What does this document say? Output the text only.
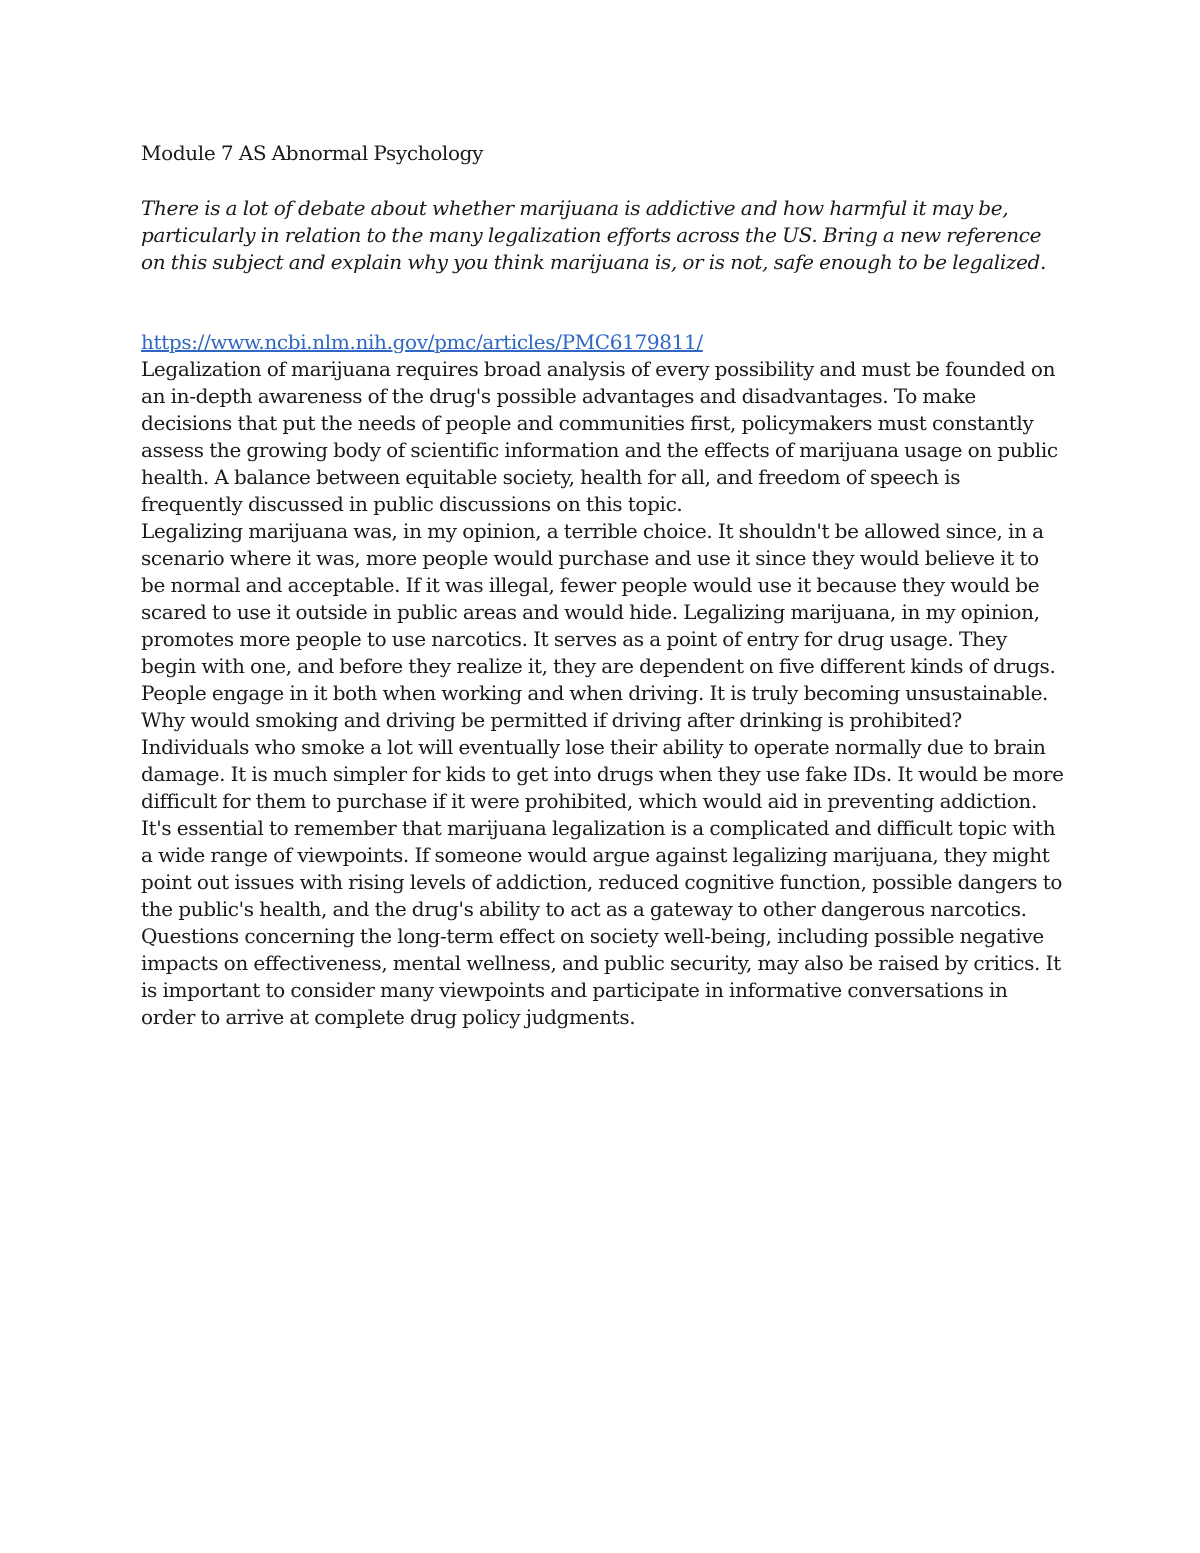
Module 7 AS Abnormal Psychology

There is a lot of debate about whether marijuana is addictive and how harmful it may be, particularly in relation to the many legalization efforts across the US. Bring a new reference on this subject and explain why you think marijuana is, or is not, safe enough to be legalized.

https://www.ncbi.nlm.nih.gov/pmc/articles/PMC6179811/

Legalization of marijuana requires broad analysis of every possibility and must be founded on an in-depth awareness of the drug's possible advantages and disadvantages. To make decisions that put the needs of people and communities first, policymakers must constantly assess the growing body of scientific information and the effects of marijuana usage on public health. A balance between equitable society, health for all, and freedom of speech is frequently discussed in public discussions on this topic.

Legalizing marijuana was, in my opinion, a terrible choice. It shouldn't be allowed since, in a scenario where it was, more people would purchase and use it since they would believe it to be normal and acceptable. If it was illegal, fewer people would use it because they would be scared to use it outside in public areas and would hide. Legalizing marijuana, in my opinion, promotes more people to use narcotics. It serves as a point of entry for drug usage. They begin with one, and before they realize it, they are dependent on five different kinds of drugs. People engage in it both when working and when driving. It is truly becoming unsustainable. Why would smoking and driving be permitted if driving after drinking is prohibited? Individuals who smoke a lot will eventually lose their ability to operate normally due to brain damage. It is much simpler for kids to get into drugs when they use fake IDs. It would be more difficult for them to purchase if it were prohibited, which would aid in preventing addiction.

It's essential to remember that marijuana legalization is a complicated and difficult topic with a wide range of viewpoints. If someone would argue against legalizing marijuana, they might point out issues with rising levels of addiction, reduced cognitive function, possible dangers to the public's health, and the drug's ability to act as a gateway to other dangerous narcotics. Questions concerning the long-term effect on society well-being, including possible negative impacts on effectiveness, mental wellness, and public security, may also be raised by critics. It is important to consider many viewpoints and participate in informative conversations in order to arrive at complete drug policy judgments.
